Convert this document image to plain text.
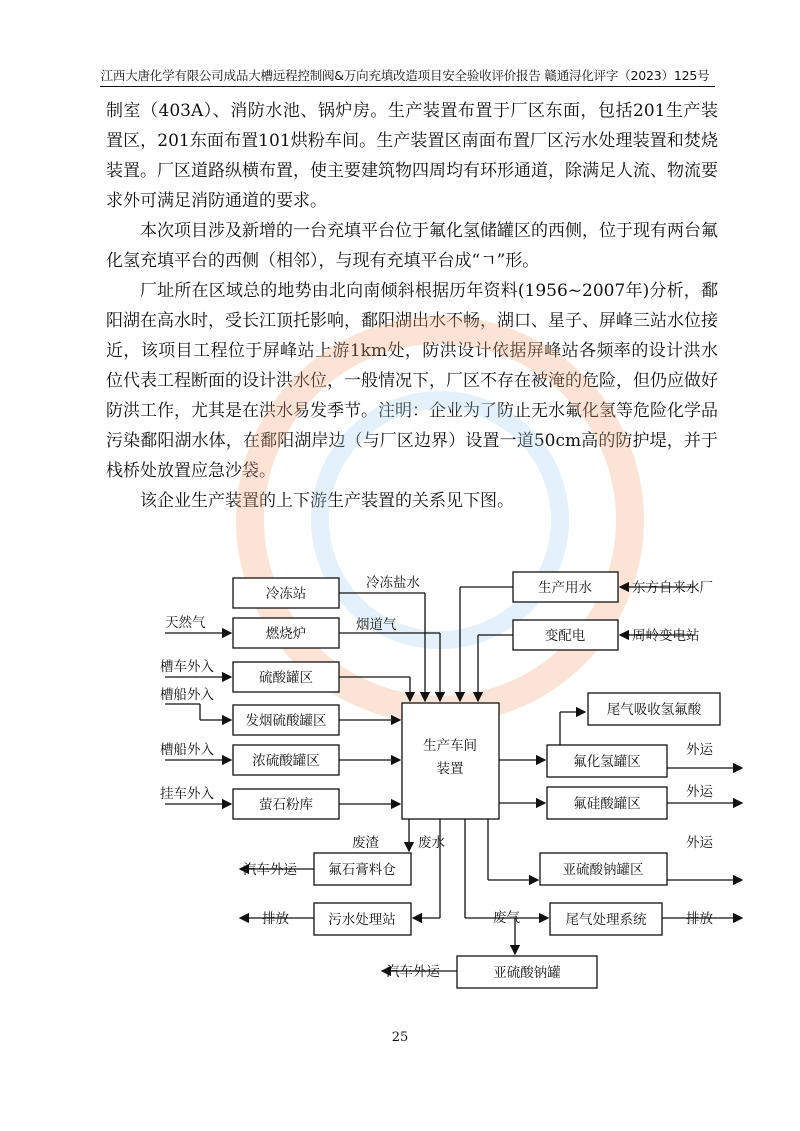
江西大唐化学有限公司成品大槽远程控制阀&万向充填改造项目安全验收评价报告 赣通浔化评字（2023）125号

制室（403A）、消防水池、锅炉房。生产装置布置于厂区东面，包括201生产装置区，201东面布置101烘粉车间。生产装置区南面布置厂区污水处理装置和焚烧装置。厂区道路纵横布置，使主要建筑物四周均有环形通道，除满足人流、物流要求外可满足消防通道的要求。

本次项目涉及新增的一台充填平台位于氟化氢储罐区的西侧，位于现有两台氟化氢充填平台的西侧（相邻），与现有充填平台成“ㄱ”形。

厂址所在区域总的地势由北向南倾斜根据历年资料(1956~2007年)分析，鄱阳湖在高水时，受长江顶托影响，鄱阳湖出水不畅，湖口、星子、屏峰三站水位接近，该项目工程位于屏峰站上游1km处，防洪设计依据屏峰站各频率的设计洪水位代表工程断面的设计洪水位，一般情况下，厂区不存在被淹的危险，但仍应做好防洪工作，尤其是在洪水易发季节。注明：企业为了防止无水氟化氢等危险化学品污染鄱阳湖水体，在鄱阳湖岸边（与厂区边界）设置一道50cm高的防护堤，并于栈桥处放置应急沙袋。

该企业生产装置的上下游生产装置的关系见下图。

生产车间
装置
冷冻站
燃烧炉
硫酸罐区
发烟硫酸罐区
浓硫酸罐区
萤石粉库
天然气
槽车外入
槽船外入
槽船外入
挂车外入
冷冻盐水
烟道气
生产用水
变配电
东方自来水厂
周岭变电站
尾气吸收氢氟酸
氟化氢罐区
氟硅酸罐区
亚硫酸钠罐区
外运
外运
外运
氟石膏料仓
污水处理站	尾气处理系统
亚硫酸钠罐
废渣	废水
废气
汽车外运
排放	排放
汽车外运
25
